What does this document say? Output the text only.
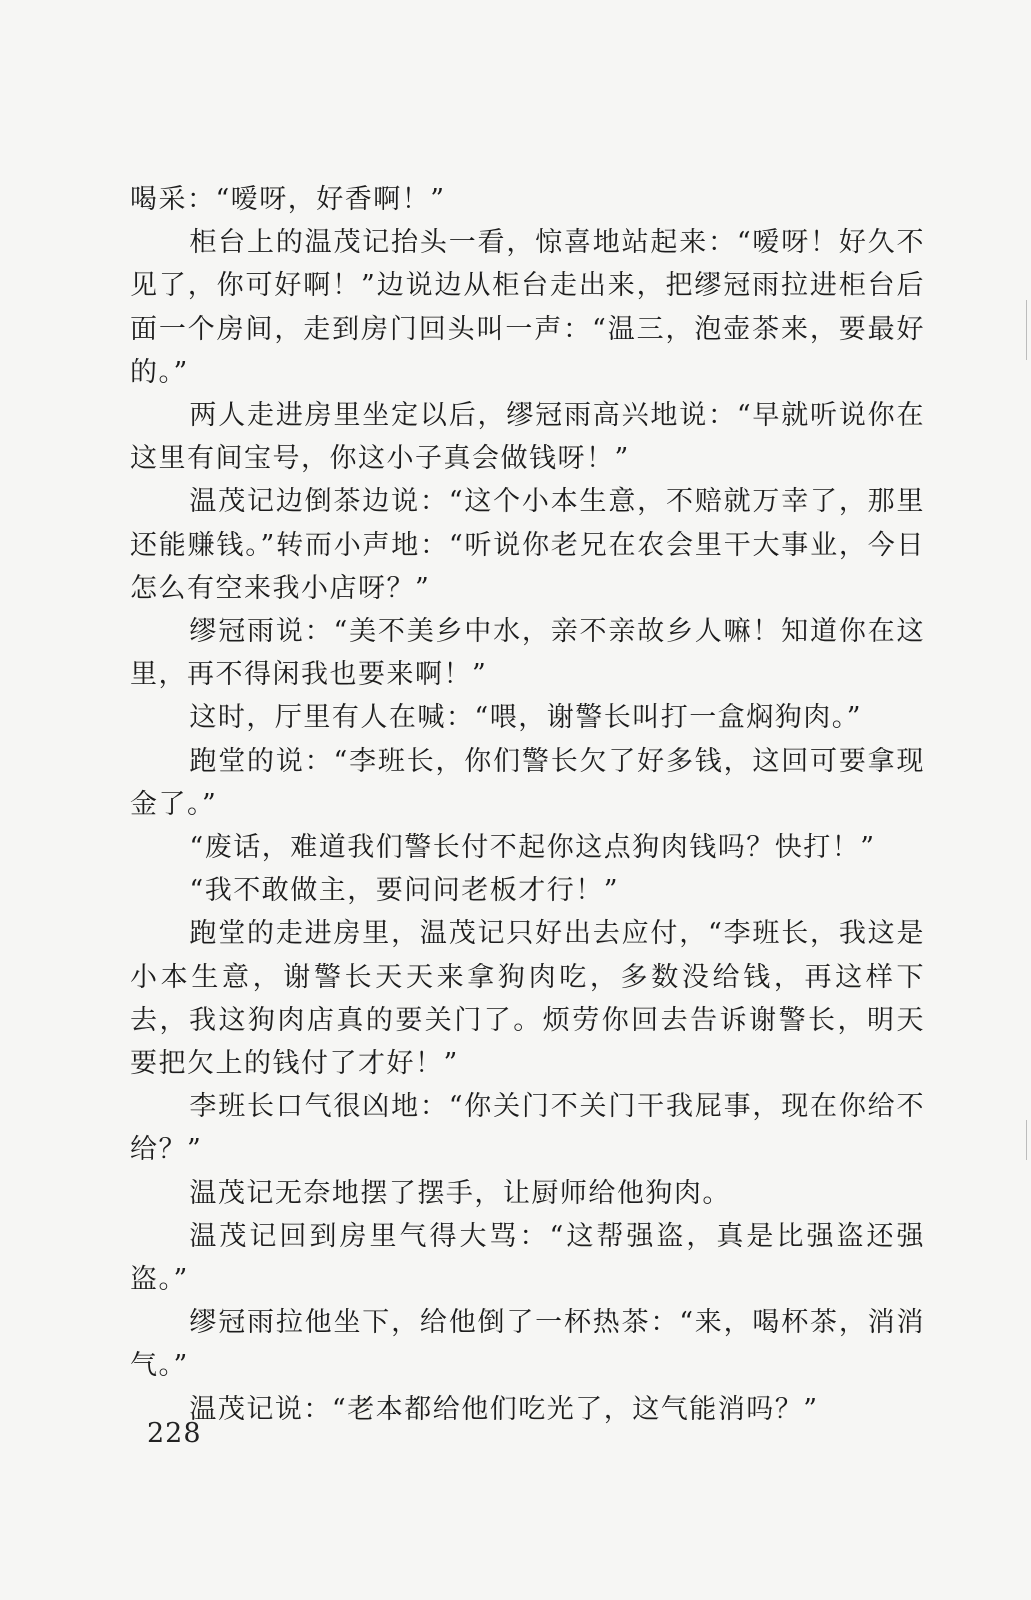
喝采：“嗳呀，好香啊！”

柜台上的温茂记抬头一看，惊喜地站起来：“嗳呀！好久不见了，你可好啊！”边说边从柜台走出来，把缪冠雨拉进柜台后面一个房间，走到房门回头叫一声：“温三，泡壶茶来，要最好的。”

两人走进房里坐定以后，缪冠雨高兴地说：“早就听说你在这里有间宝号，你这小子真会做钱呀！”

温茂记边倒茶边说：“这个小本生意，不赔就万幸了，那里还能赚钱。”转而小声地：“听说你老兄在农会里干大事业，今日怎么有空来我小店呀？”

缪冠雨说：“美不美乡中水，亲不亲故乡人嘛！知道你在这里，再不得闲我也要来啊！”

这时，厅里有人在喊：“喂，谢警长叫打一盒焖狗肉。”

跑堂的说：“李班长，你们警长欠了好多钱，这回可要拿现金了。”

“废话，难道我们警长付不起你这点狗肉钱吗？快打！”

“我不敢做主，要问问老板才行！”

跑堂的走进房里，温茂记只好出去应付，“李班长，我这是小本生意，谢警长天天来拿狗肉吃，多数没给钱，再这样下去，我这狗肉店真的要关门了。烦劳你回去告诉谢警长，明天要把欠上的钱付了才好！”

李班长口气很凶地：“你关门不关门干我屁事，现在你给不给？”

温茂记无奈地摆了摆手，让厨师给他狗肉。

温茂记回到房里气得大骂：“这帮强盗，真是比强盗还强盗。”

缪冠雨拉他坐下，给他倒了一杯热茶：“来，喝杯茶，消消气。”

温茂记说：“老本都给他们吃光了，这气能消吗？”

228
